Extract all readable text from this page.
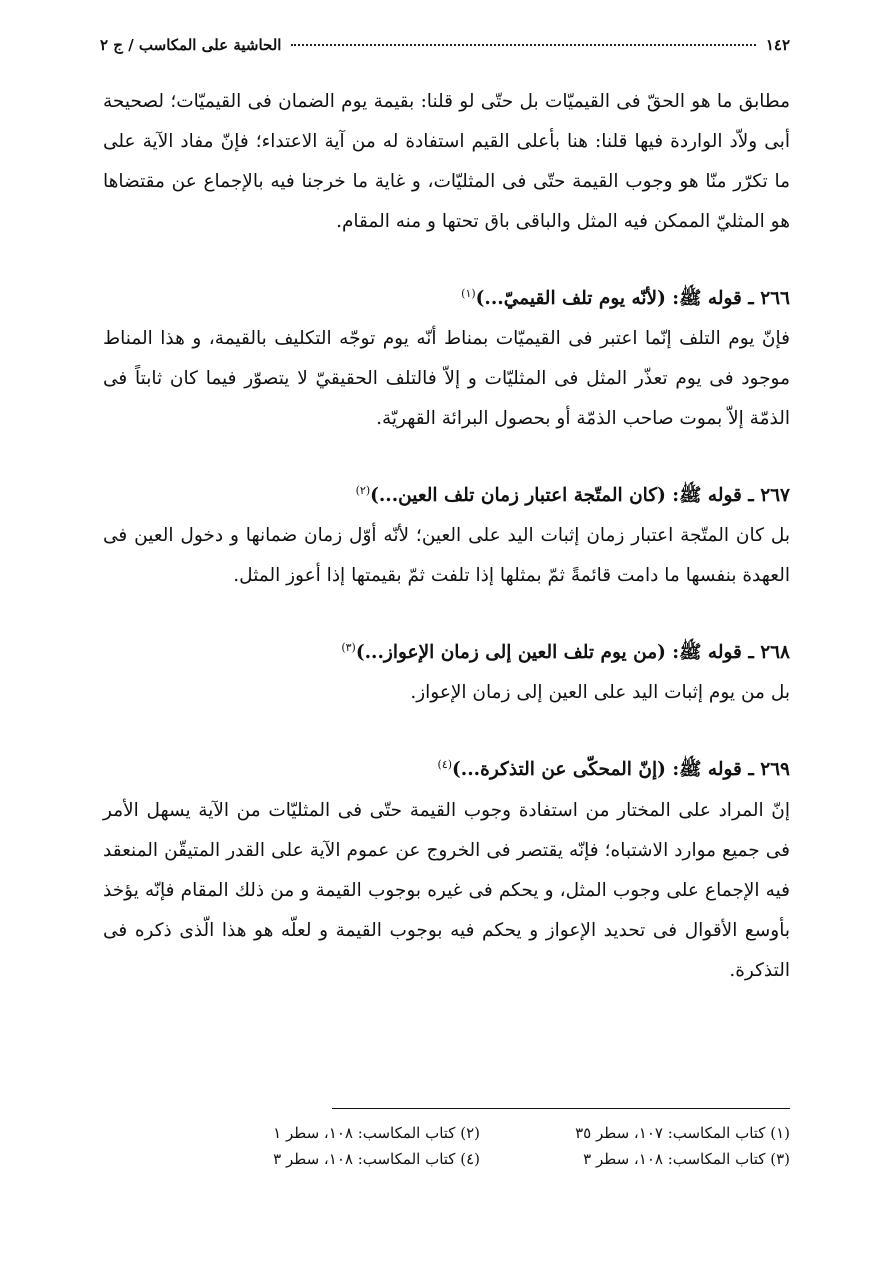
١٤٢
الحاشية على المكاسب / ج ٢

مطابق ما هو الحقّ فى القيميّات بل حتّى لو قلنا: بقيمة يوم الضمان فى القيميّات؛ لصحيحة أبى ولاّد الواردة فيها قلنا: هنا بأعلى القيم استفادة له من آية الاعتداء؛ فإنّ مفاد الآية على ما تكرّر منّا هو وجوب القيمة حتّى فى المثليّات، و غاية ما خرجنا فيه بالإجماع عن مقتضاها هو المثليّ الممكن فيه المثل والباقى باق تحتها و منه المقام.

٢٦٦ ـ قوله ﷺ: (لأنّه يوم تلف القيميّ...)$^{(١)}$

فإنّ يوم التلف إنّما اعتبر فى القيميّات بمناط أنّه يوم توجّه التكليف بالقيمة، و هذا المناط موجود فى يوم تعذّر المثل فى المثليّات و إلاّ فالتلف الحقيقيّ لا يتصوّر فيما كان ثابتاً فى الذمّة إلاّ بموت صاحب الذمّة أو بحصول البرائة القهريّة.

٢٦٧ ـ قوله ﷺ: (كان المتّجة اعتبار زمان تلف العين...)$^{(٢)}$

بل كان المتّجة اعتبار زمان إثبات اليد على العين؛ لأنّه أوّل زمان ضمانها و دخول العين فى العهدة بنفسها ما دامت قائمةً ثمّ بمثلها إذا تلفت ثمّ بقيمتها إذا أعوز المثل.

٢٦٨ ـ قوله ﷺ: (من يوم تلف العين إلى زمان الإعواز...)$^{(٣)}$

بل من يوم إثبات اليد على العين إلى زمان الإعواز.

٢٦٩ ـ قوله ﷺ: (إنّ المحكّى عن التذكرة...)$^{(٤)}$

إنّ المراد على المختار من استفادة وجوب القيمة حتّى فى المثليّات من الآية يسهل الأمر فى جميع موارد الاشتباه؛ فإنّه يقتصر فى الخروج عن عموم الآية على القدر المتيقّن المنعقد فيه الإجماع على وجوب المثل، و يحكم فى غيره بوجوب القيمة و من ذلك المقام فإنّه يؤخذ بأوسع الأقوال فى تحديد الإعواز و يحكم فيه بوجوب القيمة و لعلّه هو هذا الّذى ذكره فى التذكرة.

(١) كتاب المكاسب: ١٠٧، سطر ٣٥
(٢) كتاب المكاسب: ١٠٨، سطر ١
(٣) كتاب المكاسب: ١٠٨، سطر ٣
(٤) كتاب المكاسب: ١٠٨، سطر ٣
